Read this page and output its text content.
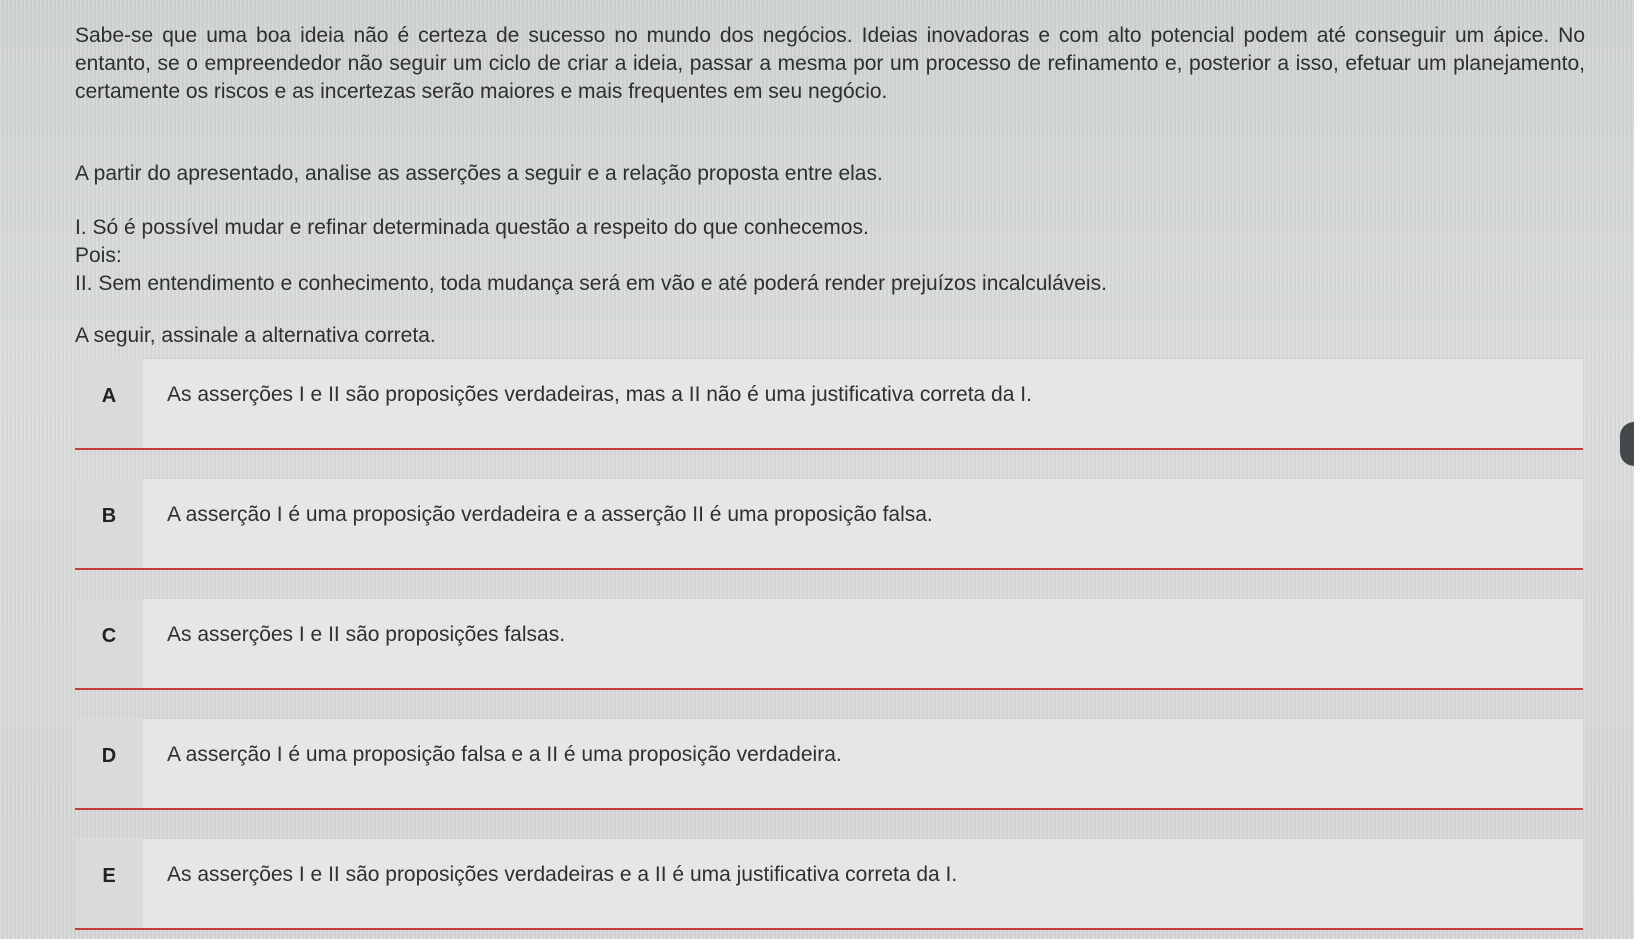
Sabe-se que uma boa ideia não é certeza de sucesso no mundo dos negócios. Ideias inovadoras e com alto potencial podem até conseguir um ápice. No entanto, se o empreendedor não seguir um ciclo de criar a ideia, passar a mesma por um processo de refinamento e, posterior a isso, efetuar um planejamento, certamente os riscos e as incertezas serão maiores e mais frequentes em seu negócio.

A partir do apresentado, analise as asserções a seguir e a relação proposta entre elas.

I. Só é possível mudar e refinar determinada questão a respeito do que conhecemos.

Pois:

II. Sem entendimento e conhecimento, toda mudança será em vão e até poderá render prejuízos incalculáveis.

A seguir, assinale a alternativa correta.

A	As asserções I e II são proposições verdadeiras, mas a II não é uma justificativa correta da I.
B	A asserção I é uma proposição verdadeira e a asserção II é uma proposição falsa.
C	As asserções I e II são proposições falsas.
D	A asserção I é uma proposição falsa e a II é uma proposição verdadeira.
E	As asserções I e II são proposições verdadeiras e a II é uma justificativa correta da I.
